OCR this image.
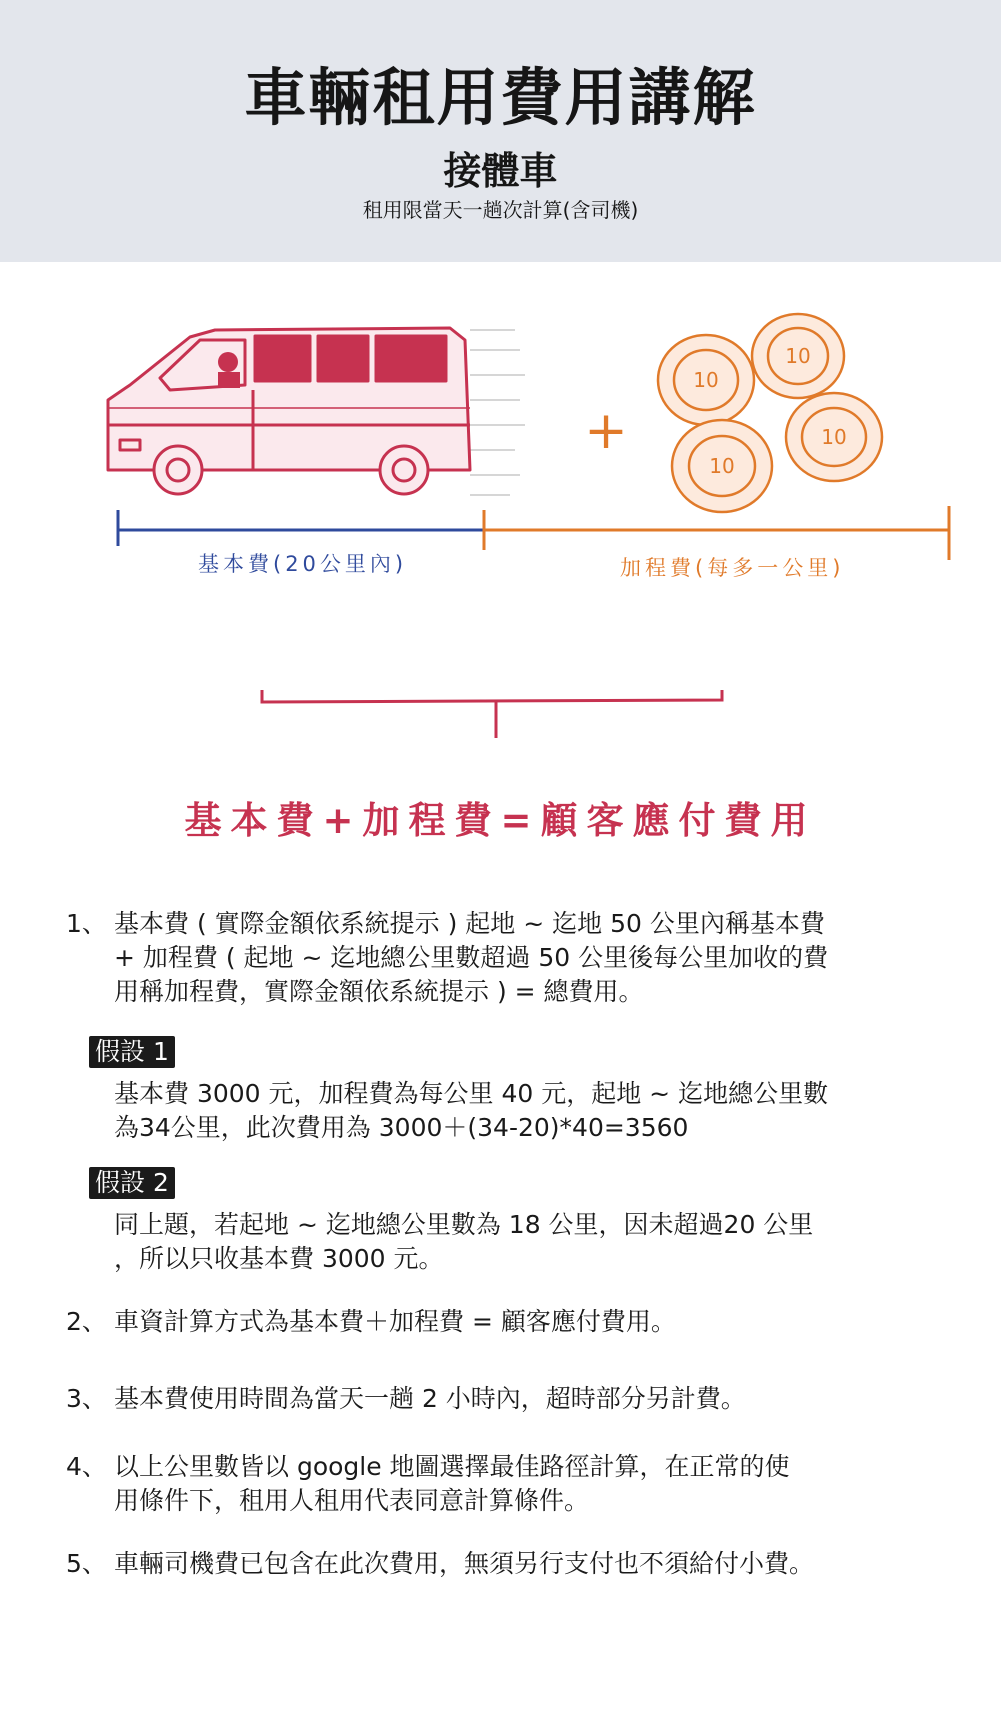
車輛租用費用講解
接體車
租用限當天一趟次計算(含司機)
+
10
10
10
10
基本費(20公里內)	加程費(每多一公里)
基本費+加程費=顧客應付費用
1、 基本費 ( 實際金額依系統提示 ) 起地 ~ 迄地 50 公里內稱基本費
+ 加程費 ( 起地 ~ 迄地總公里數超過 50 公里後每公里加收的費
用稱加程費，實際金額依系統提示 ) = 總費用。
假設 1
基本費 3000 元，加程費為每公里 40 元，起地 ~ 迄地總公里數
為34公里，此次費用為 3000＋(34-20)*40=3560
假設 2
同上題，若起地 ~ 迄地總公里數為 18 公里，因未超過20 公里
，所以只收基本費 3000 元。
2、 車資計算方式為基本費＋加程費 = 顧客應付費用。
3、 基本費使用時間為當天一趟 2 小時內，超時部分另計費。
4、 以上公里數皆以 google 地圖選擇最佳路徑計算，在正常的使
用條件下，租用人租用代表同意計算條件。
5、 車輛司機費已包含在此次費用，無須另行支付也不須給付小費。
